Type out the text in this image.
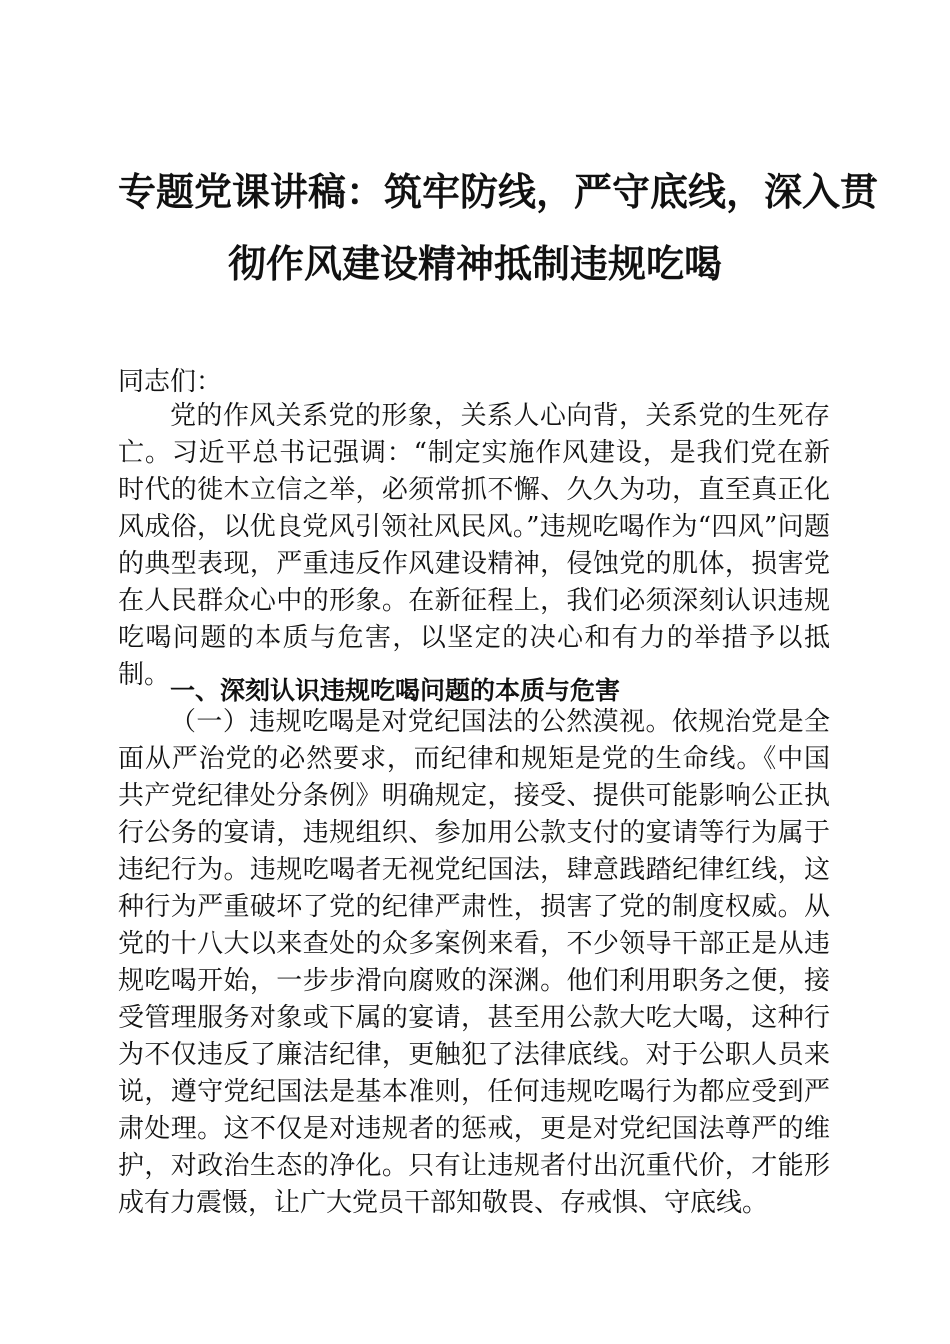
专题党课讲稿：筑牢防线，严守底线，深入贯
彻作风建设精神抵制违规吃喝

同志们：

党的作风关系党的形象，关系人心向背，关系党的生死存亡。习近平总书记强调：“制定实施作风建设，是我们党在新时代的徙木立信之举，必须常抓不懈、久久为功，直至真正化风成俗，以优良党风引领社风民风。”违规吃喝作为“四风”问题的典型表现，严重违反作风建设精神，侵蚀党的肌体，损害党在人民群众心中的形象。在新征程上，我们必须深刻认识违规吃喝问题的本质与危害，以坚定的决心和有力的举措予以抵制。

一、深刻认识违规吃喝问题的本质与危害

（一）违规吃喝是对党纪国法的公然漠视。依规治党是全面从严治党的必然要求，而纪律和规矩是党的生命线。《中国共产党纪律处分条例》明确规定，接受、提供可能影响公正执行公务的宴请，违规组织、参加用公款支付的宴请等行为属于违纪行为。违规吃喝者无视党纪国法，肆意践踏纪律红线，这种行为严重破坏了党的纪律严肃性，损害了党的制度权威。从党的十八大以来查处的众多案例来看，不少领导干部正是从违规吃喝开始，一步步滑向腐败的深渊。他们利用职务之便，接受管理服务对象或下属的宴请，甚至用公款大吃大喝，这种行为不仅违反了廉洁纪律，更触犯了法律底线。对于公职人员来说，遵守党纪国法是基本准则，任何违规吃喝行为都应受到严肃处理。这不仅是对违规者的惩戒，更是对党纪国法尊严的维护，对政治生态的净化。只有让违规者付出沉重代价，才能形成有力震慑，让广大党员干部知敬畏、存戒惧、守底线。
